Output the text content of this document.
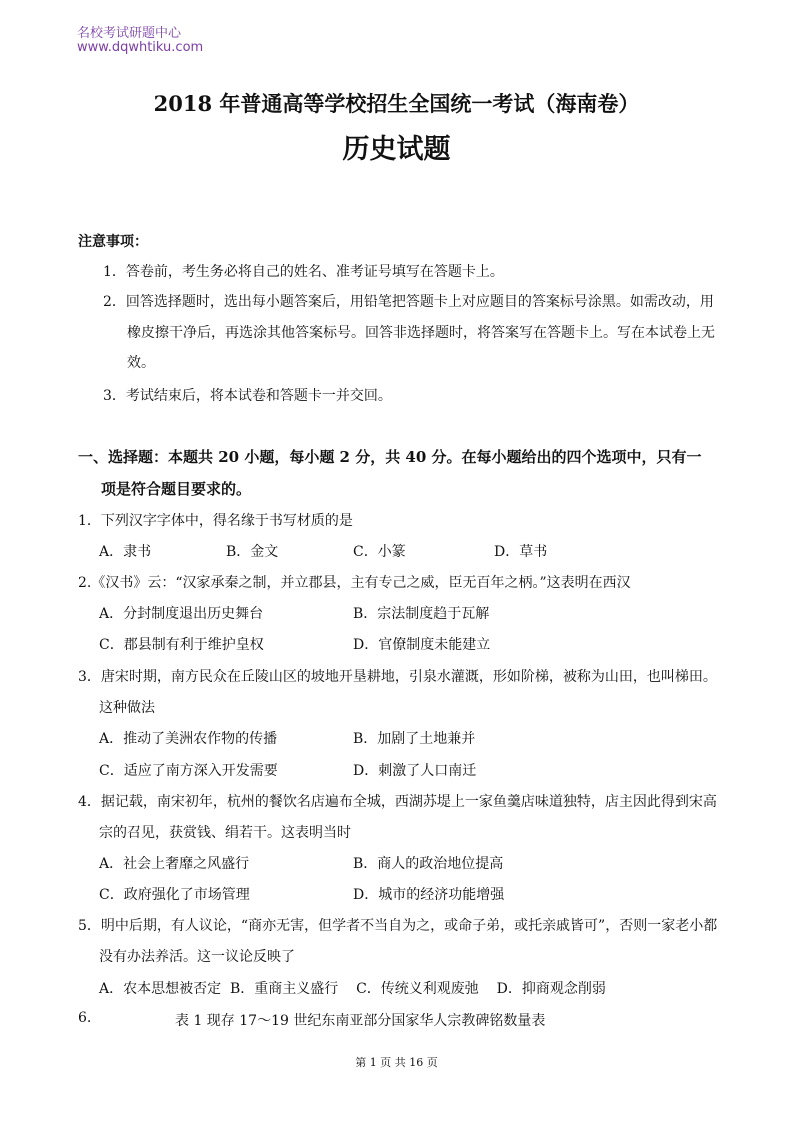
名校考试研题中心
www.dqwhtiku.com
2018 年普通高等学校招生全国统一考试（海南卷）
历史试题
注意事项：
1．答卷前，考生务必将自己的姓名、准考证号填写在答题卡上。
2．回答选择题时，选出每小题答案后，用铅笔把答题卡上对应题目的答案标号涂黑。如需改动，用
橡皮擦干净后，再选涂其他答案标号。回答非选择题时，将答案写在答题卡上。写在本试卷上无
效。
3．考试结束后，将本试卷和答题卡一并交回。
一、选择题：本题共 20 小题，每小题 2 分，共 40 分。在每小题给出的四个选项中，只有一
项是符合题目要求的。
1．下列汉字字体中，得名缘于书写材质的是
A．隶书	B．金文	C．小篆	D．草书
2.《汉书》云：“汉家承秦之制，并立郡县，主有专己之威，臣无百年之柄。”这表明在西汉
A．分封制度退出历史舞台	B．宗法制度趋于瓦解
C．郡县制有利于维护皇权	D．官僚制度未能建立
3．唐宋时期，南方民众在丘陵山区的坡地开垦耕地，引泉水灌溉，形如阶梯，被称为山田，也叫梯田。
这种做法
A．推动了美洲农作物的传播	B．加剧了土地兼并
C．适应了南方深入开发需要	D．刺激了人口南迁
4．据记载，南宋初年，杭州的餐饮名店遍布全城，西湖苏堤上一家鱼羹店味道独特，店主因此得到宋高
宗的召见，获赏钱、绢若干。这表明当时
A．社会上奢靡之风盛行	B．商人的政治地位提高
C．政府强化了市场管理	D．城市的经济功能增强
5．明中后期，有人议论，“商亦无害，但学者不当自为之，或命子弟，或托亲戚皆可”，否则一家老小都
没有办法养活。这一议论反映了
A．农本思想被否定  B．重商主义盛行    C．传统义利观废弛    D．抑商观念削弱
6.	表 1 现存 17～19 世纪东南亚部分国家华人宗教碑铭数量表
第 1 页 共 16 页
